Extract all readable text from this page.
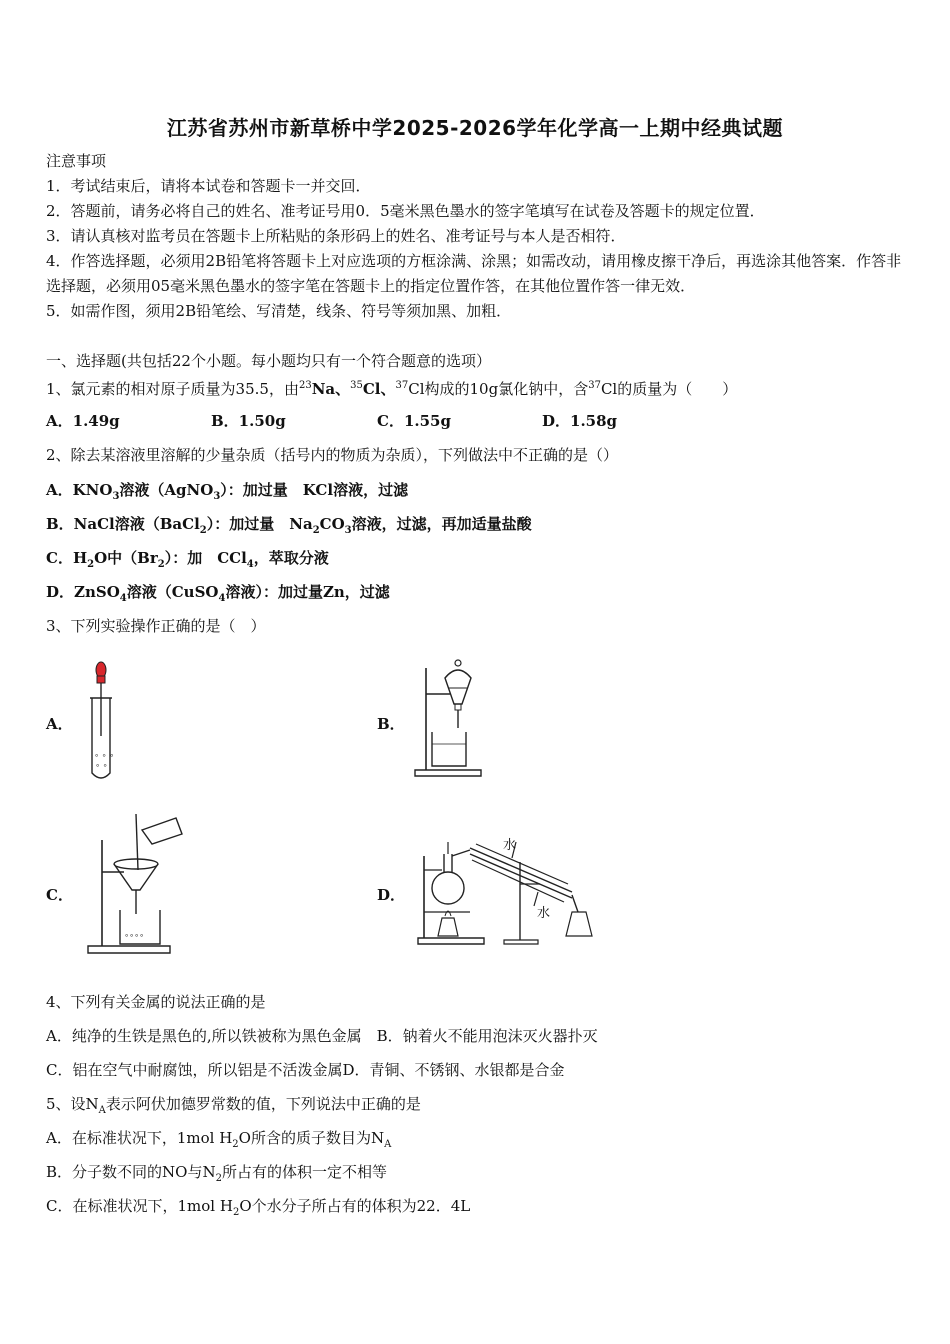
江苏省苏州市新草桥中学2025-2026学年化学高一上期中经典试题
注意事项
1．考试结束后，请将本试卷和答题卡一并交回．
2．答题前，请务必将自己的姓名、准考证号用0．5毫米黑色墨水的签字笔填写在试卷及答题卡的规定位置．
3．请认真核对监考员在答题卡上所粘贴的条形码上的姓名、准考证号与本人是否相符．
4．作答选择题，必须用2B铅笔将答题卡上对应选项的方框涂满、涂黑；如需改动，请用橡皮擦干净后，再选涂其他答案．作答非选择题，必须用05毫米黑色墨水的签字笔在答题卡上的指定位置作答，在其他位置作答一律无效．
5．如需作图，须用2B铅笔绘、写清楚，线条、符号等须加黑、加粗．
一、选择题(共包括22个小题。每小题均只有一个符合题意的选项）
1、氯元素的相对原子质量为35.5，由$^{23}$Na、$^{35}$Cl、$^{37}$Cl构成的10g氯化钠中，含$^{37}$Cl的质量为（　　）
A．1.49g	B．1.50g	C．1.55g	D．1.58g
2、除去某溶液里溶解的少量杂质（括号内的物质为杂质），下列做法中不正确的是（）
A．$KNO_3$溶液（AgNO$_3$）：加过量　KCl溶液，过滤
B．NaCl溶液（BaCl$_2$）：加过量　$Na_2CO_3$溶液，过滤，再加适量盐酸
C．$H_2O$中$(Br_2)$：加　CCl$_4$，萃取分液
D．ZnSO$_4$溶液（CuSO$_4$溶液）：加过量Zn，过滤
3、下列实验操作正确的是（　）
A．
∘ ∘ ∘
∘ ∘
B．
C．
∘∘∘∘
D．
水
水
4、下列有关金属的说法正确的是
A．纯净的生铁是黑色的,所以铁被称为黑色金属　B．钠着火不能用泡沫灭火器扑灭
C．铝在空气中耐腐蚀，所以铝是不活泼金属D．青铜、不锈钢、水银都是合金
5、设$N_A$表示阿伏加德罗常数的值，下列说法中正确的是
A．在标准状况下，1mol $H_2O$所含的质子数目为$N_A$
B．分子数不同的NO与$N_2$所占有的体积一定不相等
C．在标准状况下，1mol $H_2O$个水分子所占有的体积为22．4L
